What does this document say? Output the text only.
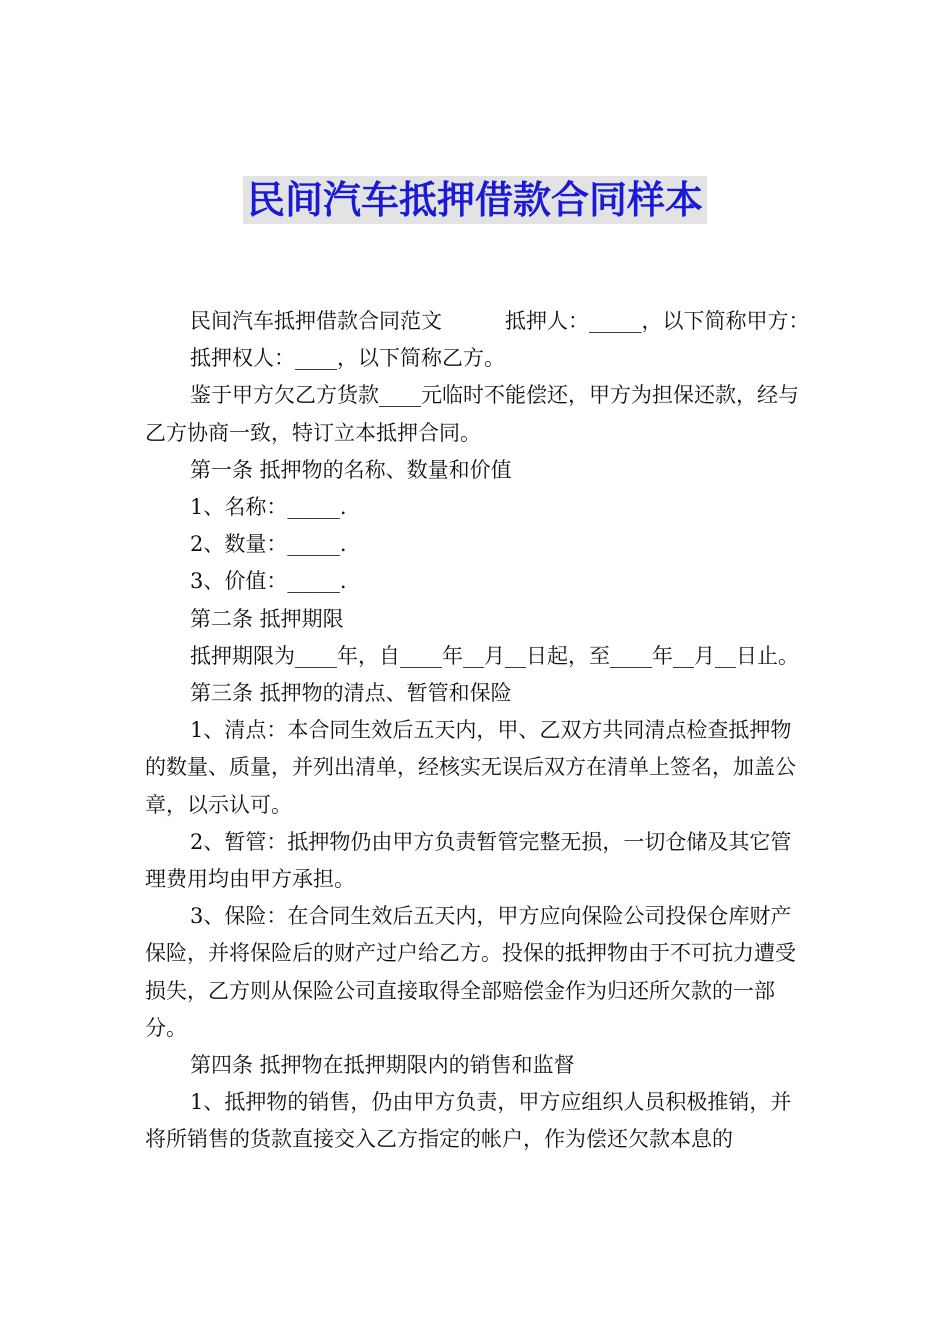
民间汽车抵押借款合同样本

民间汽车抵押借款合同范文　　　抵押人：_____，以下简称甲方：

抵押权人：____，以下简称乙方。

鉴于甲方欠乙方货款____元临时不能偿还，甲方为担保还款，经与乙方协商一致，特订立本抵押合同。

第一条 抵押物的名称、数量和价值

1、名称：_____.

2、数量：_____.

3、价值：_____.

第二条 抵押期限

抵押期限为____年，自____年__月__日起，至____年__月__日止。

第三条 抵押物的清点、暂管和保险

1、清点：本合同生效后五天内，甲、乙双方共同清点检查抵押物的数量、质量，并列出清单，经核实无误后双方在清单上签名，加盖公章，以示认可。

2、暂管：抵押物仍由甲方负责暂管完整无损，一切仓储及其它管理费用均由甲方承担。

3、保险：在合同生效后五天内，甲方应向保险公司投保仓库财产保险，并将保险后的财产过户给乙方。投保的抵押物由于不可抗力遭受损失，乙方则从保险公司直接取得全部赔偿金作为归还所欠款的一部分。

第四条 抵押物在抵押期限内的销售和监督

1、抵押物的销售，仍由甲方负责，甲方应组织人员积极推销，并将所销售的货款直接交入乙方指定的帐户，作为偿还欠款本息的
